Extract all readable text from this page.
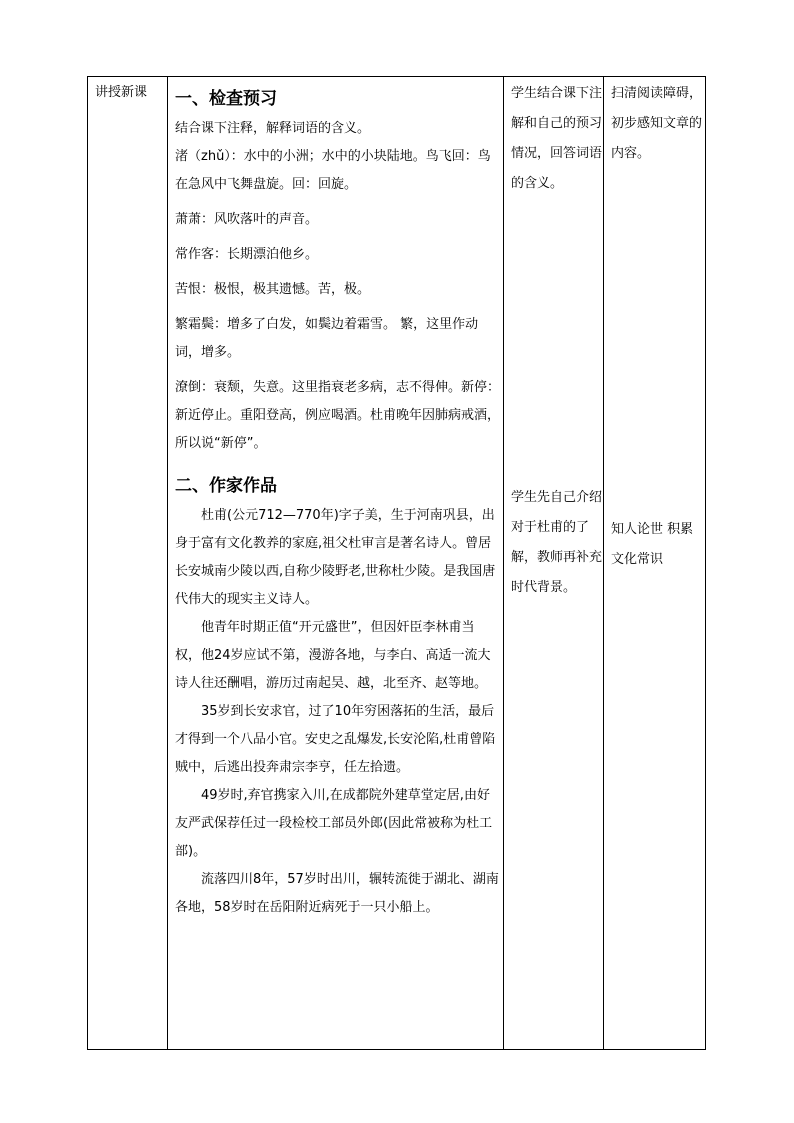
讲授新课 一、检查预习

结合课下注释，解释词语的含义。

渚（zhǔ）：水中的小洲；水中的小块陆地。鸟飞回：鸟在急风中飞舞盘旋。回：回旋。

萧萧：风吹落叶的声音。

常作客：长期漂泊他乡。

苦恨：极恨，极其遗憾。苦，极。

繁霜鬓：增多了白发，如鬓边着霜雪。 繁，这里作动词，增多。

潦倒：衰颓，失意。这里指衰老多病，志不得伸。新停：新近停止。重阳登高，例应喝酒。杜甫晚年因肺病戒酒，所以说“新停”。

二、作家作品

杜甫(公元712—770年)字子美，生于河南巩县，出身于富有文化教养的家庭,祖父杜审言是著名诗人。曾居长安城南少陵以西,自称少陵野老,世称杜少陵。是我国唐代伟大的现实主义诗人。

他青年时期正值“开元盛世”，但因奸臣李林甫当权，他24岁应试不第，漫游各地，与李白、高适一流大诗人往还酬唱，游历过南起吴、越，北至齐、赵等地。

35岁到长安求官，过了10年穷困落拓的生活，最后才得到一个八品小官。安史之乱爆发,长安沦陷,杜甫曾陷贼中，后逃出投奔肃宗李亨，任左拾遗。

49岁时,弃官携家入川,在成都院外建草堂定居,由好友严武保荐任过一段检校工部员外郎(因此常被称为杜工部)。

流落四川8年，57岁时出川，辗转流徙于湖北、湖南各地，58岁时在岳阳附近病死于一只小船上。

学生结合课下注解和自己的预习情况，回答词语的含义。
学生先自己介绍对于杜甫的了解，教师再补充时代背景。
扫清阅读障碍，初步感知文章的内容。
知人论世 积累文化常识
